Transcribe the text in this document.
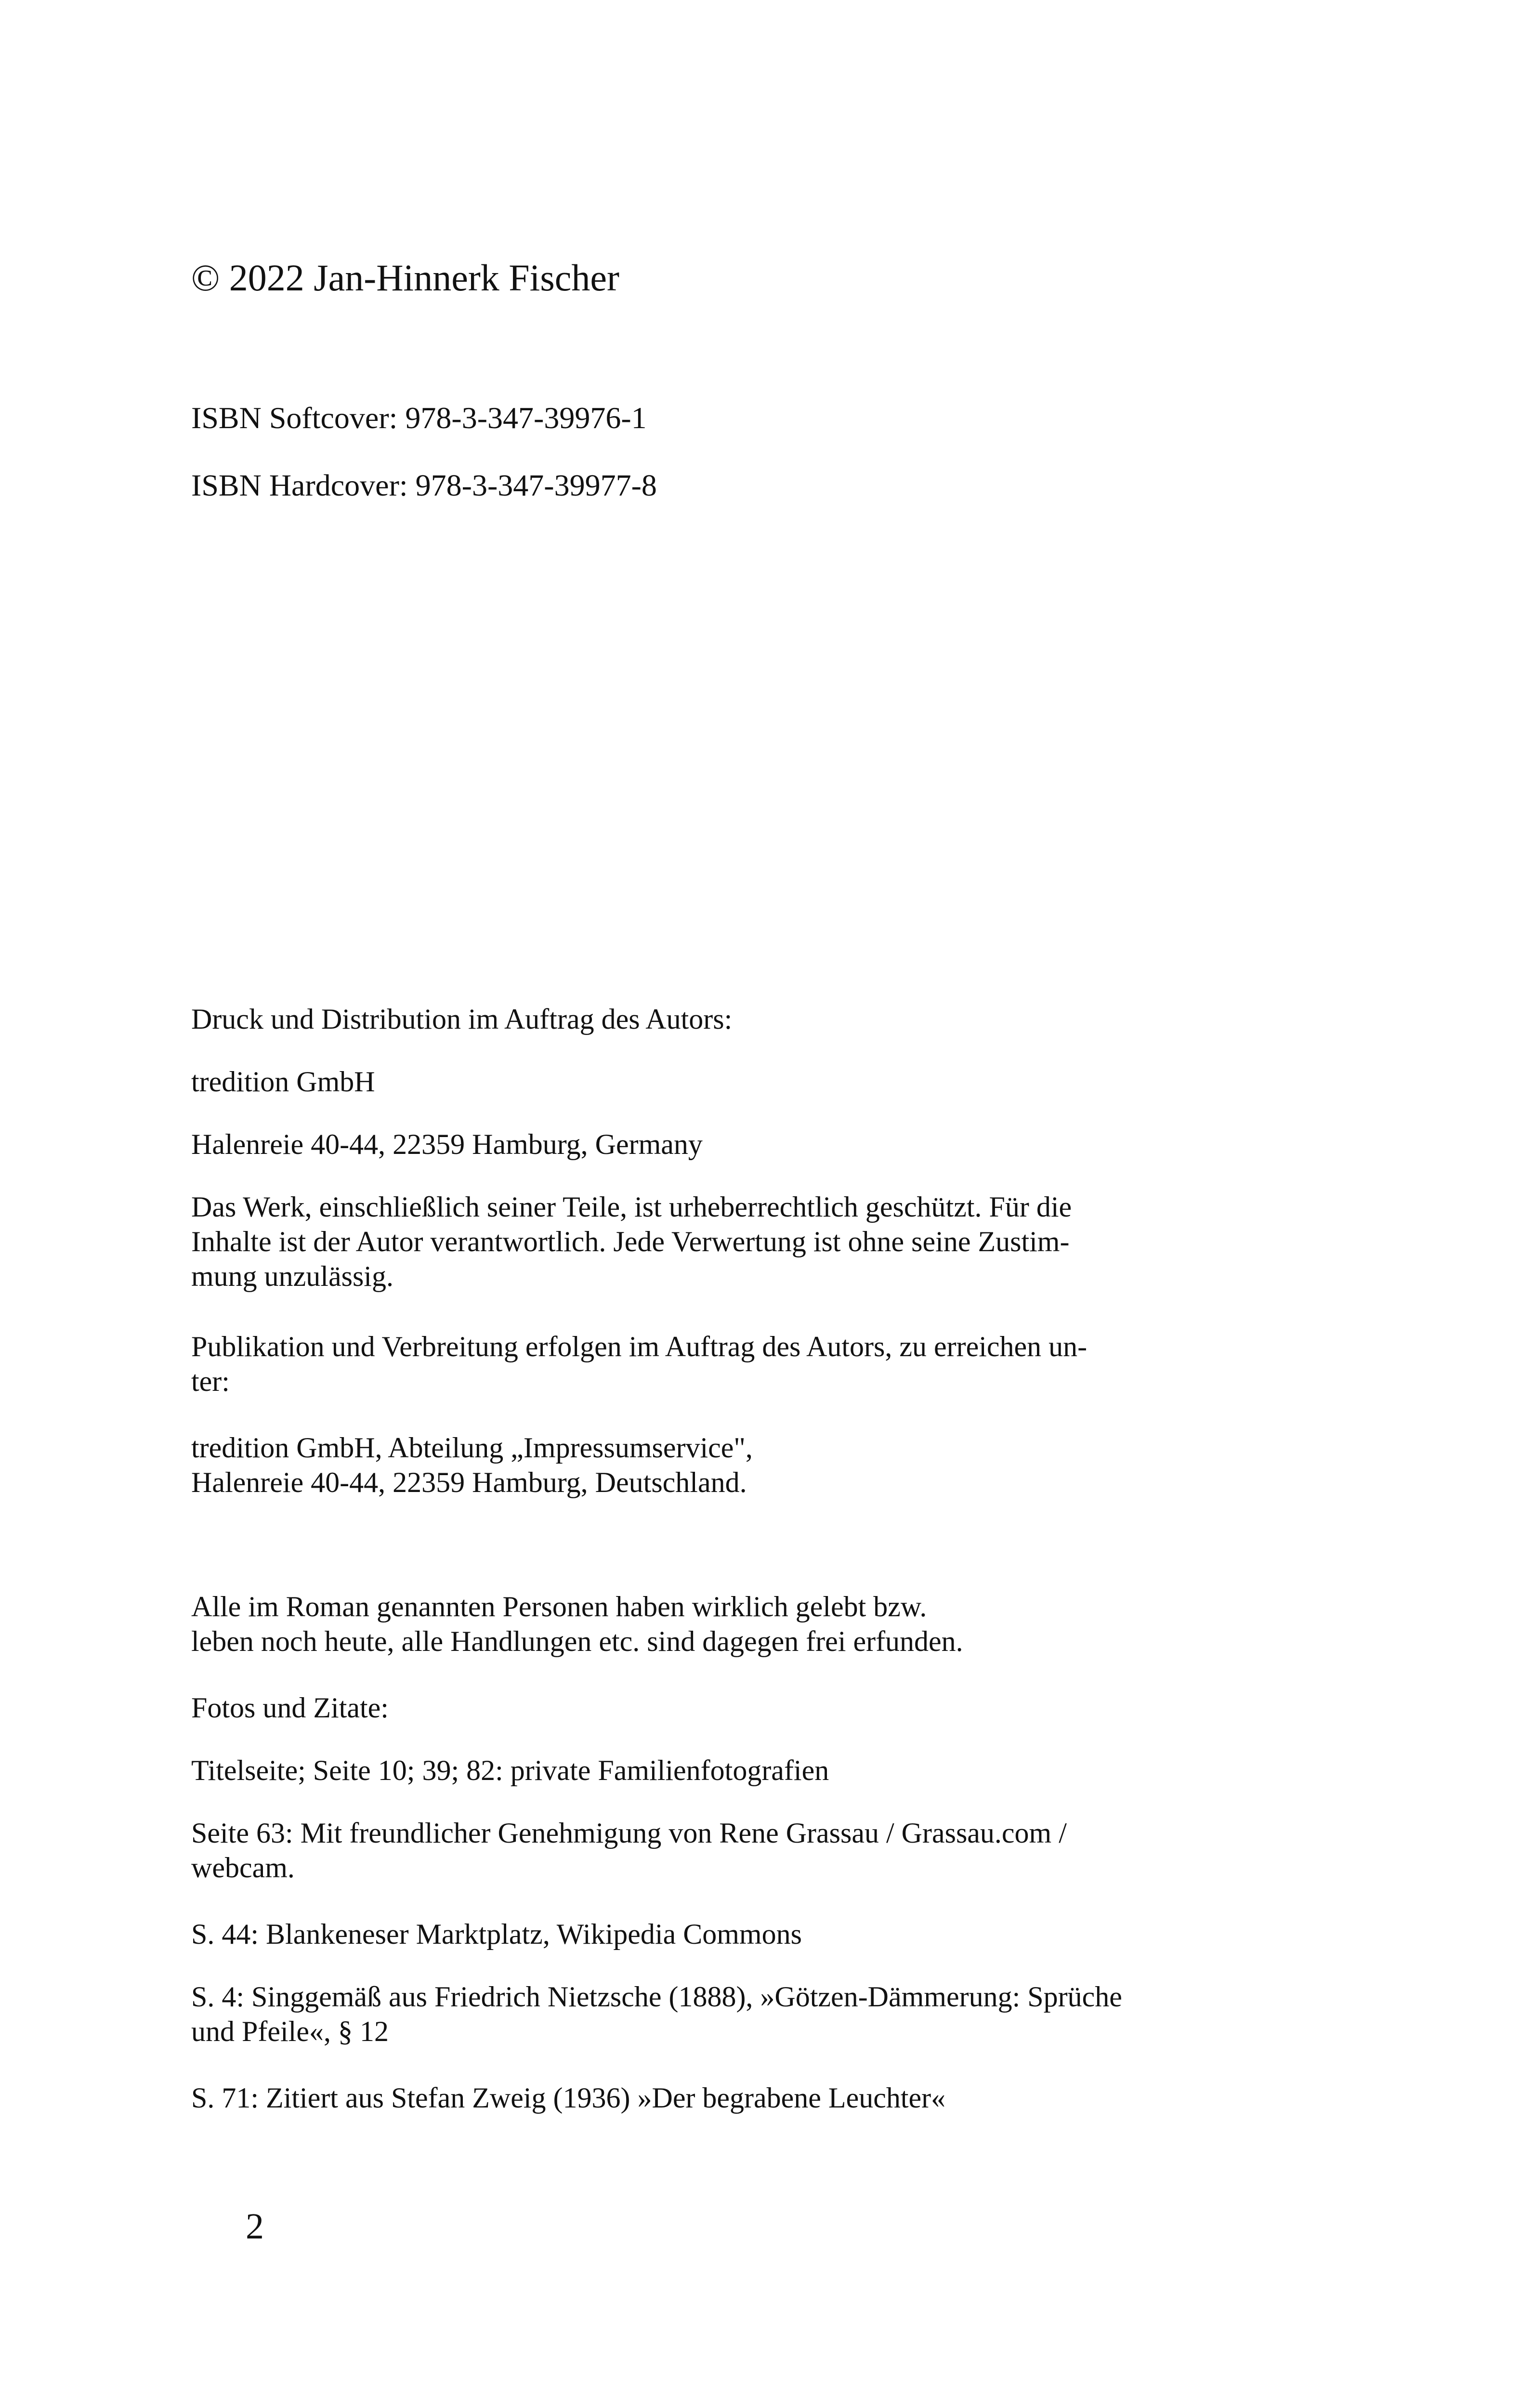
© 2022 Jan-Hinnerk Fischer

ISBN Softcover: 978-3-347-39976-1

ISBN Hardcover: 978-3-347-39977-8

Druck und Distribution im Auftrag des Autors:

tredition GmbH

Halenreie 40-44, 22359 Hamburg, Germany

Das Werk, einschließlich seiner Teile, ist urheberrechtlich geschützt. Für die
Inhalte ist der Autor verantwortlich. Jede Verwertung ist ohne seine Zustim-
mung unzulässig.

Publikation und Verbreitung erfolgen im Auftrag des Autors, zu erreichen un-
ter:

tredition GmbH, Abteilung „Impressumservice",
Halenreie 40-44, 22359 Hamburg, Deutschland.

Alle im Roman genannten Personen haben wirklich gelebt bzw.
leben noch heute, alle Handlungen etc. sind dagegen frei erfunden.

Fotos und Zitate:

Titelseite; Seite 10; 39; 82: private Familienfotografien

Seite 63: Mit freundlicher Genehmigung von Rene Grassau / Grassau.com /
webcam.

S. 44: Blankeneser Marktplatz, Wikipedia Commons

S. 4: Singgemäß aus Friedrich Nietzsche (1888), »Götzen-Dämmerung: Sprüche
und Pfeile«, § 12

S. 71: Zitiert aus Stefan Zweig (1936) »Der begrabene Leuchter«

2
